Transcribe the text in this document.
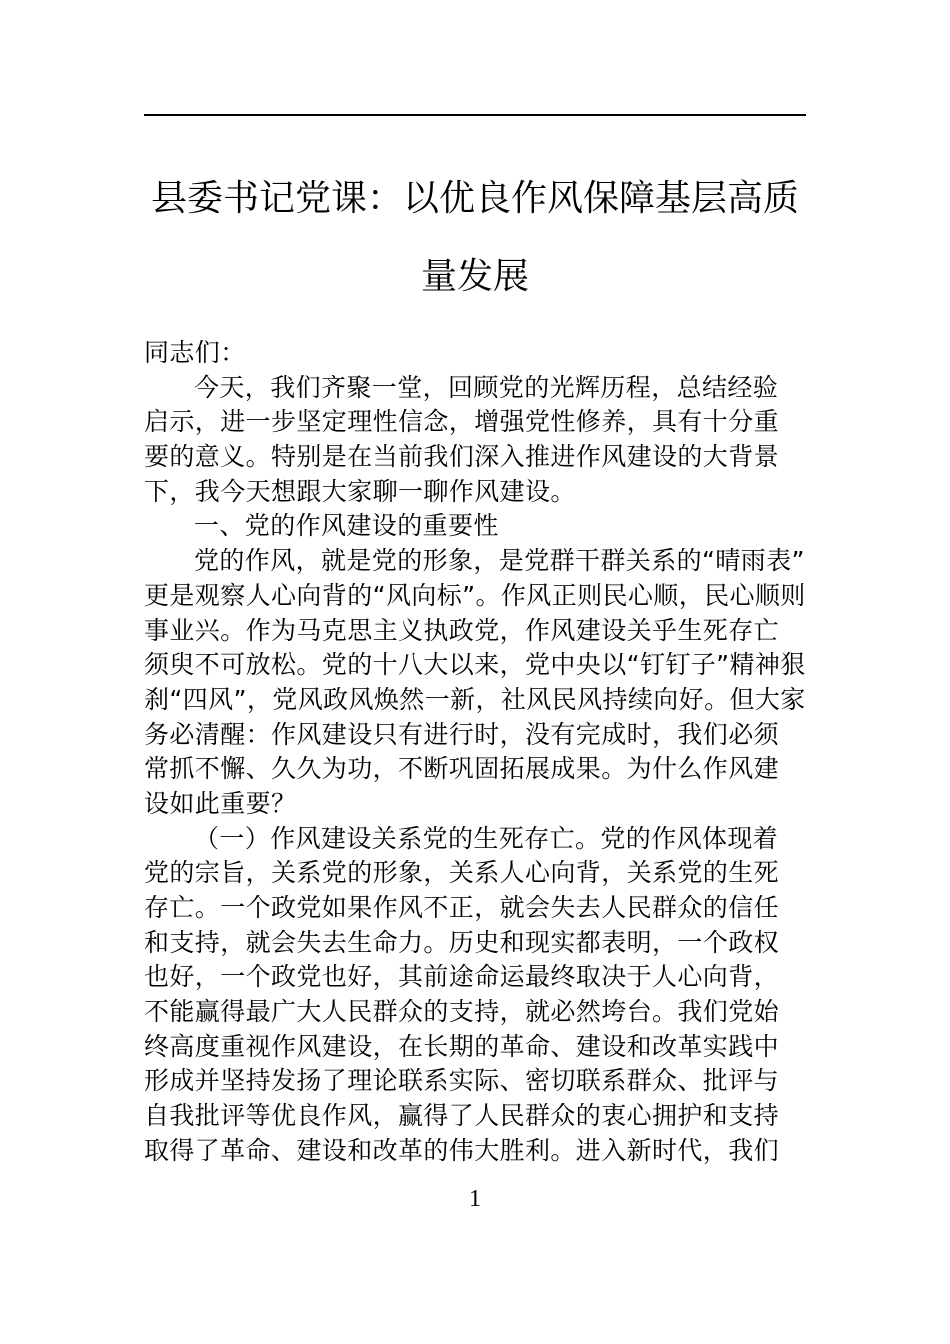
县委书记党课：以优良作风保障基层高质
量发展

同志们：

今天，我们齐聚一堂，回顾党的光辉历程，总结经验

启示，进一步坚定理性信念，增强党性修养，具有十分重

要的意义。特别是在当前我们深入推进作风建设的大背景

下，我今天想跟大家聊一聊作风建设。

一、党的作风建设的重要性

党的作风，就是党的形象，是党群干群关系的“晴雨表”

更是观察人心向背的“风向标”。作风正则民心顺，民心顺则

事业兴。作为马克思主义执政党，作风建设关乎生死存亡

须臾不可放松。党的十八大以来，党中央以“钉钉子”精神狠

刹“四风”，党风政风焕然一新，社风民风持续向好。但大家

务必清醒：作风建设只有进行时，没有完成时，我们必须

常抓不懈、久久为功，不断巩固拓展成果。为什么作风建

设如此重要？

（一）作风建设关系党的生死存亡。党的作风体现着

党的宗旨，关系党的形象，关系人心向背，关系党的生死

存亡。一个政党如果作风不正，就会失去人民群众的信任

和支持，就会失去生命力。历史和现实都表明，一个政权

也好，一个政党也好，其前途命运最终取决于人心向背，

不能赢得最广大人民群众的支持，就必然垮台。我们党始

终高度重视作风建设，在长期的革命、建设和改革实践中

形成并坚持发扬了理论联系实际、密切联系群众、批评与

自我批评等优良作风，赢得了人民群众的衷心拥护和支持

取得了革命、建设和改革的伟大胜利。进入新时代，我们

1
